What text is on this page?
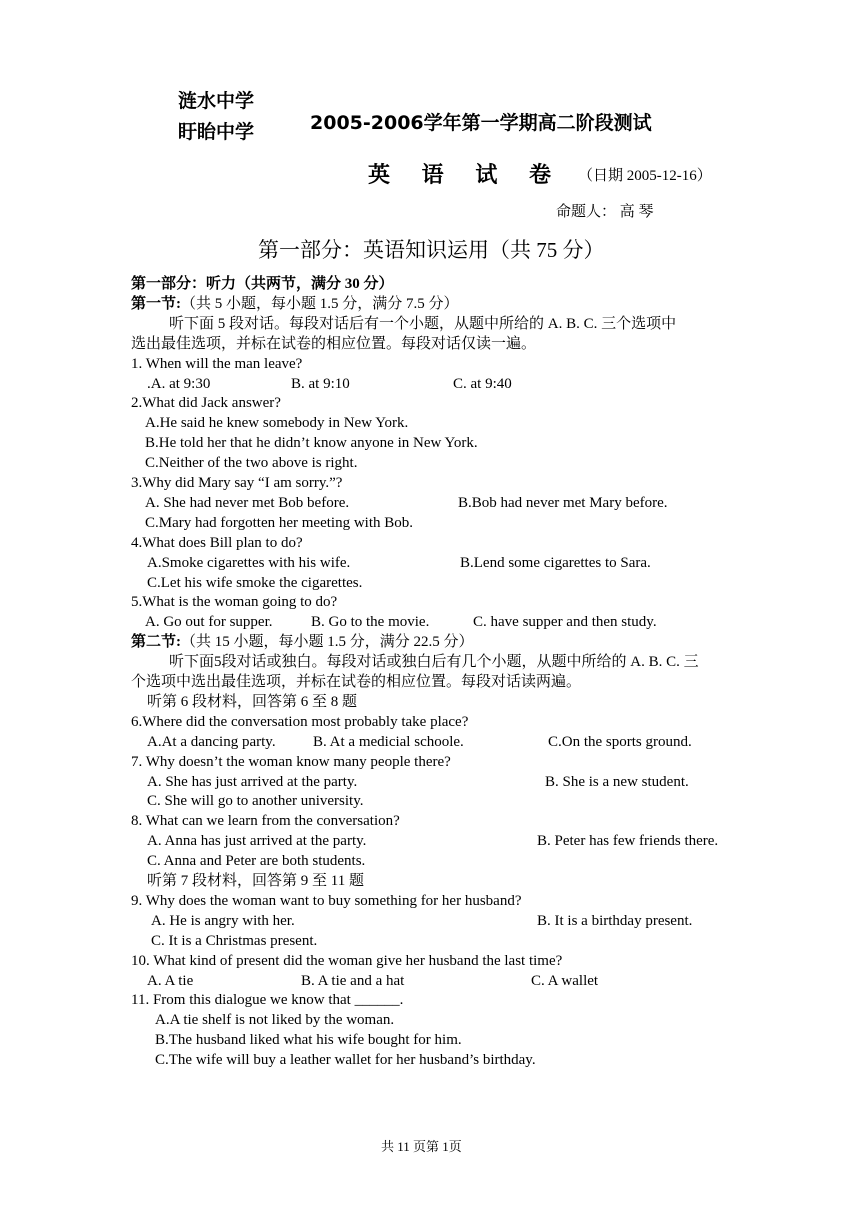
涟水中学
盱眙中学	2005-2006学年第一学期高二阶段测试
英 语 试 卷 （日期 2005-12-16）
命题人： 高 琴
第一部分：英语知识运用（共 75 分）
第一部分：听力（共两节，满分 30 分）
第一节:（共 5 小题，每小题 1.5 分，满分 7.5 分）
听下面 5 段对话。每段对话后有一个小题，从题中所给的 A. B. C. 三个选项中
选出最佳选项，并标在试卷的相应位置。每段对话仅读一遍。
1. When will the man leave?
.A. at 9:30	B. at 9:10	C. at 9:40
2.What did Jack answer?
A.He said he knew somebody in New York.
B.He told her that he didn’t know anyone in New York.
C.Neither of the two above is right.
3.Why did Mary say “I am sorry.”?
A. She had never met Bob before.	B.Bob had never met Mary before.
C.Mary had forgotten her meeting with Bob.
4.What does Bill plan to do?
A.Smoke cigarettes with his wife.	B.Lend some cigarettes to Sara.
C.Let his wife smoke the cigarettes.
5.What is the woman going to do?
A. Go out for supper.	B. Go to the movie.	C. have supper and then study.
第二节:（共 15 小题，每小题 1.5 分，满分 22.5 分）
听下面5段对话或独白。每段对话或独白后有几个小题，从题中所给的 A. B. C. 三
个选项中选出最佳选项，并标在试卷的相应位置。每段对话读两遍。
听第 6 段材料，回答第 6 至 8 题
6.Where did the conversation most probably take place?
A.At a dancing party. B. At a medicial schoole.	C.On the sports ground.
7. Why doesn’t the woman know many people there?
A. She has just arrived at the party.	B. She is a new student.
C. She will go to another university.
8. What can we learn from the conversation?
A. Anna has just arrived at the party.	B. Peter has few friends there.
C. Anna and Peter are both students.
听第 7 段材料，回答第 9 至 11 题
9. Why does the woman want to buy something for her husband?
A. He is angry with her.	B. It is a birthday present.
C. It is a Christmas present.
10. What kind of present did the woman give her husband the last time?
A. A tie	B. A tie and a hat	C. A wallet
11. From this dialogue we know that ______.
A.A tie shelf is not liked by the woman.
B.The husband liked what his wife bought for him.
C.The wife will buy a leather wallet for her husband’s birthday.
共 11 页第 1页
